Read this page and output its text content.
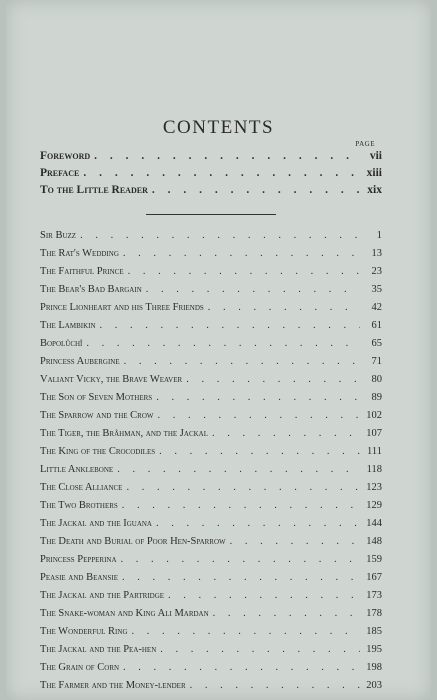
CONTENTS
PAGE
Foreword . . .	vii
Preface . . .	xiii
To the Little Reader . . .	xix
Sir Buzz . . .	1
The Rat's Wedding . . .	13
The Faithful Prince . . .	23
The Bear's Bad Bargain . . .	35
Prince Lionheart and his Three Friends . . .	42
The Lambikin . . .	61
Bopolûchî . . .	65
Princess Aubergine . . .	71
Valiant Vicky, the Brave Weaver . . .	80
The Son of Seven Mothers . . .	89
The Sparrow and the Crow . . .	102
The Tiger, the Brâhman, and the Jackal . . .	107
The King of the Crocodiles . . .	111
Little Anklebone . . .	118
The Close Alliance . . .	123
The Two Brothers . . .	129
The Jackal and the Iguana . . .	144
The Death and Burial of Poor Hen-Sparrow . . .	148
Princess Pepperina . . .	159
Peasie and Beansie . . .	167
The Jackal and the Partridge . . .	173
The Snake-woman and King Ali Mardan . . .	178
The Wonderful Ring . . .	185
The Jackal and the Pea-hen . . .	195
The Grain of Corn . . .	198
The Farmer and the Money-lender . . .	203
